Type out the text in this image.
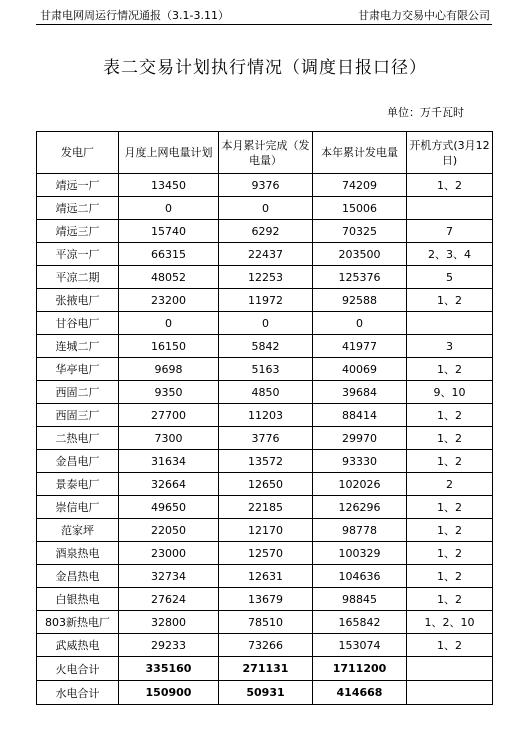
甘肃电网周运行情况通报（3.1-3.11）	甘肃电力交易中心有限公司
表二交易计划执行情况（调度日报口径）
单位：万千瓦时
发电厂	月度上网电量计划	本月累计完成（发电量）	本年累计发电量	开机方式(3月12日)
靖远一厂	13450	9376	74209	1、2
靖远二厂	0	0	15006	
靖远三厂	15740	6292	70325	7
平凉一厂	66315	22437	203500	2、3、4
平凉二期	48052	12253	125376	5
张掖电厂	23200	11972	92588	1、2
甘谷电厂	0	0	0	
连城二厂	16150	5842	41977	3
华亭电厂	9698	5163	40069	1、2
西固二厂	9350	4850	39684	9、10
西固三厂	27700	11203	88414	1、2
二热电厂	7300	3776	29970	1、2
金昌电厂	31634	13572	93330	1、2
景泰电厂	32664	12650	102026	2
崇信电厂	49650	22185	126296	1、2
范家坪	22050	12170	98778	1、2
酒泉热电	23000	12570	100329	1、2
金昌热电	32734	12631	104636	1、2
白银热电	27624	13679	98845	1、2
803新热电厂	32800	78510	165842	1、2、10
武威热电	29233	73266	153074	1、2
火电合计	335160	271131	1711200	
水电合计	150900	50931	414668	
